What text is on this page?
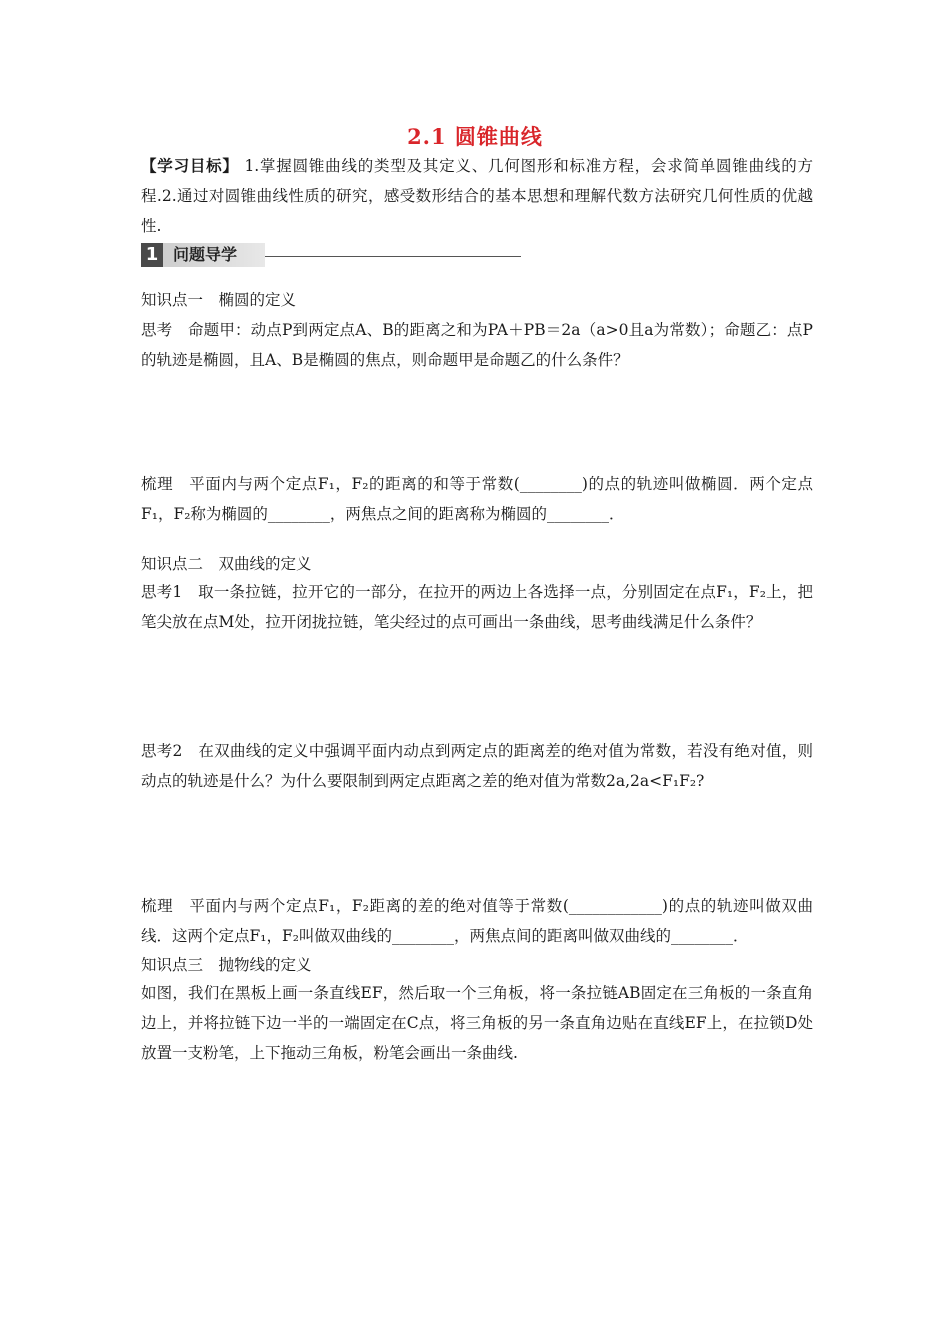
2.1 圆锥曲线

【学习目标】 1.掌握圆锥曲线的类型及其定义、几何图形和标准方程，会求简单圆锥曲线的方程.2.通过对圆锥曲线性质的研究，感受数形结合的基本思想和理解代数方法研究几何性质的优越性.

1 问题导学

知识点一　椭圆的定义

思考　命题甲：动点P到两定点A、B的距离之和为PA＋PB＝2a（a>0且a为常数）；命题乙：点P的轨迹是椭圆，且A、B是椭圆的焦点，则命题甲是命题乙的什么条件？

梳理　平面内与两个定点F₁，F₂的距离的和等于常数(________)的点的轨迹叫做椭圆．两个定点F₁，F₂称为椭圆的________，两焦点之间的距离称为椭圆的________．

知识点二　双曲线的定义

思考1　取一条拉链，拉开它的一部分，在拉开的两边上各选择一点，分别固定在点F₁，F₂上，把笔尖放在点M处，拉开闭拢拉链，笔尖经过的点可画出一条曲线，思考曲线满足什么条件？

思考2　在双曲线的定义中强调平面内动点到两定点的距离差的绝对值为常数，若没有绝对值，则动点的轨迹是什么？为什么要限制到两定点距离之差的绝对值为常数2a,2a<F₁F₂?

梳理　平面内与两个定点F₁，F₂距离的差的绝对值等于常数(____________)的点的轨迹叫做双曲线．这两个定点F₁，F₂叫做双曲线的________，两焦点间的距离叫做双曲线的________．

知识点三　抛物线的定义

如图，我们在黑板上画一条直线EF，然后取一个三角板，将一条拉链AB固定在三角板的一条直角边上，并将拉链下边一半的一端固定在C点，将三角板的另一条直角边贴在直线EF上，在拉锁D处放置一支粉笔，上下拖动三角板，粉笔会画出一条曲线.
